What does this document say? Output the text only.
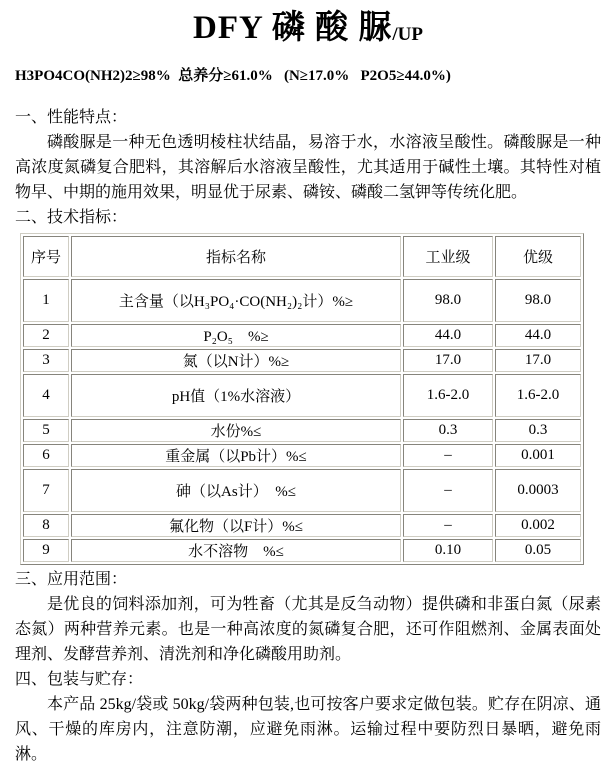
DFY 磷 酸 脲/UP
H3PO4CO(NH2)2≥98%  总养分≥61.0%   (N≥17.0%   P2O5≥44.0%)
一、性能特点：

磷酸脲是一种无色透明棱柱状结晶，易溶于水，水溶液呈酸性。磷酸脲是一种高浓度氮磷复合肥料，其溶解后水溶液呈酸性，尤其适用于碱性土壤。其特性对植物早、中期的施用效果，明显优于尿素、磷铵、磷酸二氢钾等传统化肥。

二、技术指标：
序号	指标名称	工业级	优级
1	主含量（以H₃PO₄·CO(NH₂)₂计）%≥	98.0	98.0
2	P₂O₅　%≥	44.0	44.0
3	氮（以N计）%≥	17.0	17.0
4	pH值（1%水溶液）	1.6-2.0	1.6-2.0
5	水份%≤	0.3	0.3
6	重金属（以Pb计）%≤	–	0.001
7	砷（以As计）　%≤	–	0.0003
8	氟化物（以F计）%≤	–	0.002
9	水不溶物　%≤	0.10	0.05
三、应用范围：

是优良的饲料添加剂，可为牲畜（尤其是反刍动物）提供磷和非蛋白氮（尿素态氮）两种营养元素。也是一种高浓度的氮磷复合肥，还可作阻燃剂、金属表面处理剂、发酵营养剂、清洗剂和净化磷酸用助剂。

四、包装与贮存：

本产品 25kg/袋或 50kg/袋两种包装,也可按客户要求定做包装。贮存在阴凉、通风、干燥的库房内，注意防潮，应避免雨淋。运输过程中要防烈日暴晒，避免雨淋。
